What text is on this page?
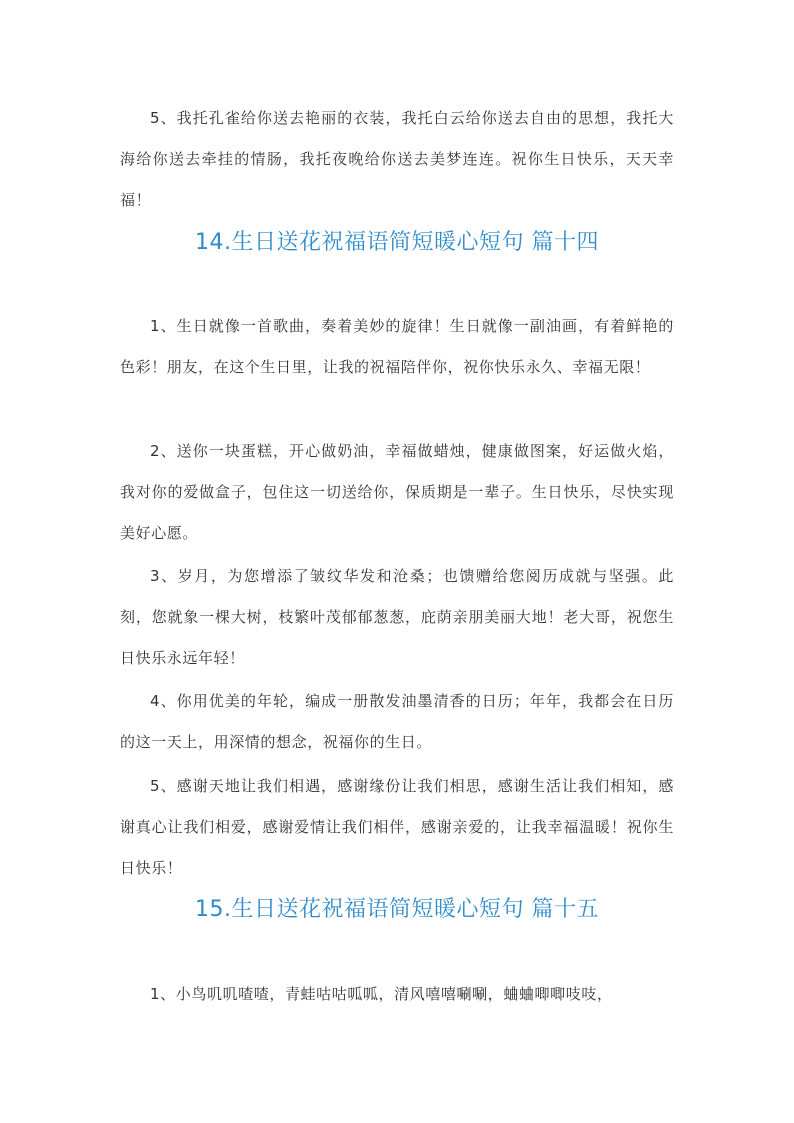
5、我托孔雀给你送去艳丽的衣装，我托白云给你送去自由的思想，我托大海给你送去牵挂的情肠，我托夜晚给你送去美梦连连。祝你生日快乐，天天幸福！

14.生日送花祝福语简短暖心短句 篇十四

1、生日就像一首歌曲，奏着美妙的旋律！生日就像一副油画，有着鲜艳的色彩！朋友，在这个生日里，让我的祝福陪伴你，祝你快乐永久、幸福无限！

2、送你一块蛋糕，开心做奶油，幸福做蜡烛，健康做图案，好运做火焰，我对你的爱做盒子，包住这一切送给你，保质期是一辈子。生日快乐，尽快实现美好心愿。

3、岁月，为您增添了皱纹华发和沧桑；也馈赠给您阅历成就与坚强。此刻，您就象一棵大树，枝繁叶茂郁郁葱葱，庇荫亲朋美丽大地！老大哥，祝您生日快乐永远年轻！

4、你用优美的年轮，编成一册散发油墨清香的日历；年年，我都会在日历的这一天上，用深情的想念，祝福你的生日。

5、感谢天地让我们相遇，感谢缘份让我们相思，感谢生活让我们相知，感谢真心让我们相爱，感谢爱情让我们相伴，感谢亲爱的，让我幸福温暖！祝你生日快乐！

15.生日送花祝福语简短暖心短句 篇十五

1、小鸟叽叽喳喳，青蛙咕咕呱呱，清风嘻嘻唰唰，蛐蛐唧唧吱吱，
